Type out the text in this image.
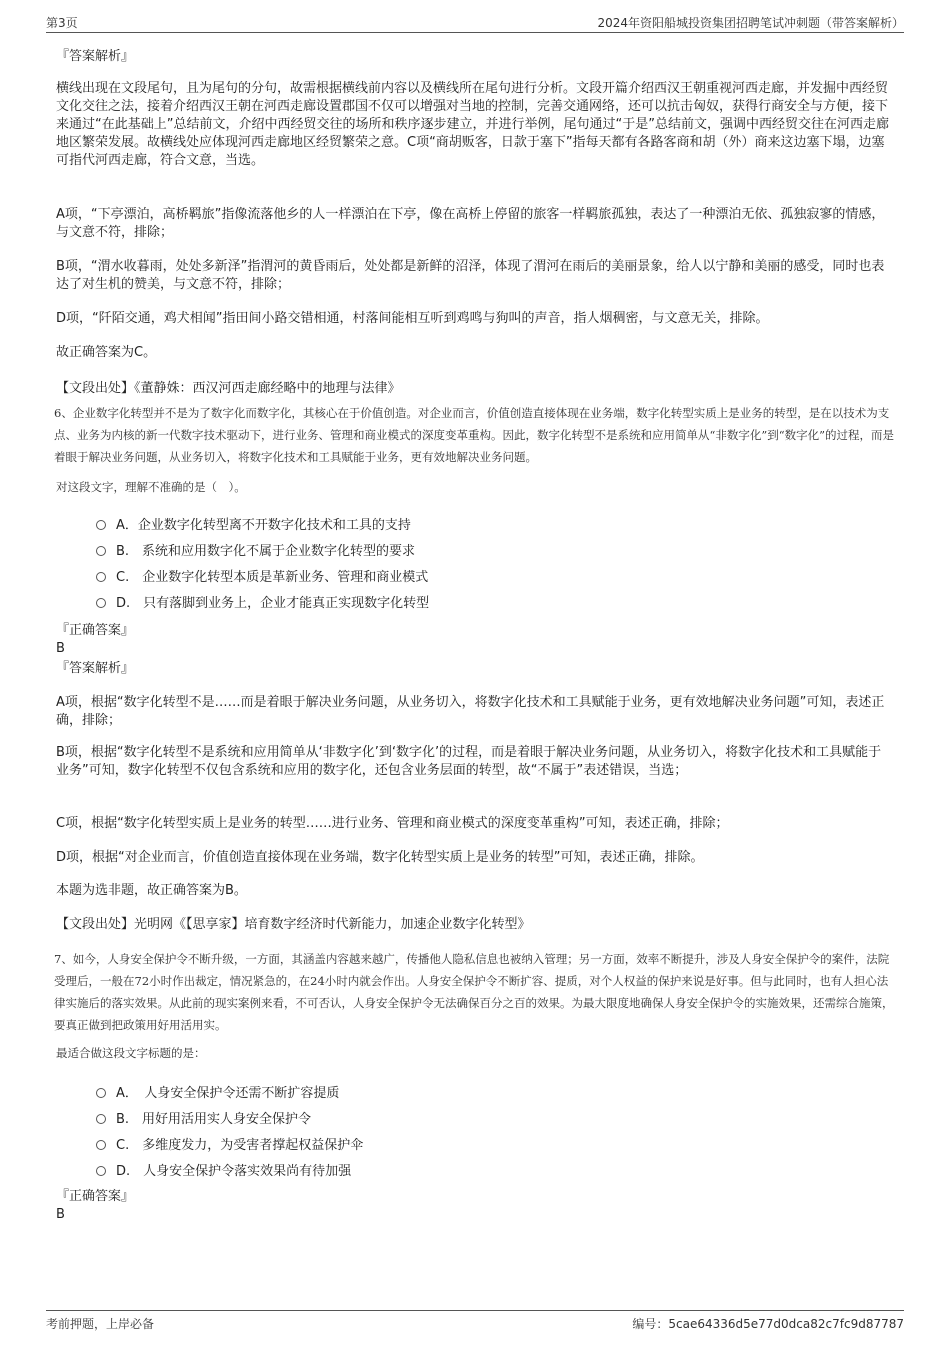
第3页	2024年资阳船城投资集团招聘笔试冲刺题（带答案解析）

『答案解析』

横线出现在文段尾句，且为尾句的分句，故需根据横线前内容以及横线所在尾句进行分析。文段开篇介绍西汉王朝重视河西走廊，并发掘中西经贸文化交往之法，接着介绍西汉王朝在河西走廊设置郡国不仅可以增强对当地的控制，完善交通网络，还可以抗击匈奴，获得行商安全与方便，接下来通过“在此基础上”总结前文，介绍中西经贸交往的场所和秩序逐步建立，并进行举例，尾句通过“于是”总结前文，强调中西经贸交往在河西走廊地区繁荣发展。故横线处应体现河西走廊地区经贸繁荣之意。C项“商胡贩客，日款于塞下”指每天都有各路客商和胡（外）商来这边塞下塌，边塞可指代河西走廊，符合文意，当选。

A项，“下亭漂泊，高桥羁旅”指像流落他乡的人一样漂泊在下亭，像在高桥上停留的旅客一样羁旅孤独，表达了一种漂泊无依、孤独寂寥的情感，与文意不符，排除；

B项，“渭水收暮雨，处处多新泽”指渭河的黄昏雨后，处处都是新鲜的沼泽，体现了渭河在雨后的美丽景象，给人以宁静和美丽的感受，同时也表达了对生机的赞美，与文意不符，排除；

D项，“阡陌交通，鸡犬相闻”指田间小路交错相通，村落间能相互听到鸡鸣与狗叫的声音，指人烟稠密，与文意无关，排除。

故正确答案为C。

【文段出处】《董静姝：西汉河西走廊经略中的地理与法律》

6、企业数字化转型并不是为了数字化而数字化，其核心在于价值创造。对企业而言，价值创造直接体现在业务端，数字化转型实质上是业务的转型，是在以技术为支点、业务为内核的新一代数字技术驱动下，进行业务、管理和商业模式的深度变革重构。因此，数字化转型不是系统和应用简单从“非数字化”到“数字化”的过程，而是着眼于解决业务问题，从业务切入，将数字化技术和工具赋能于业务，更有效地解决业务问题。

对这段文字，理解不准确的是（　）。

A．企业数字化转型离不开数字化技术和工具的支持
B.　系统和应用数字化不属于企业数字化转型的要求
C.　企业数字化转型本质是革新业务、管理和商业模式
D.　只有落脚到业务上，企业才能真正实现数字化转型

『正确答案』

B

『答案解析』

A项，根据“数字化转型不是……而是着眼于解决业务问题，从业务切入，将数字化技术和工具赋能于业务，更有效地解决业务问题”可知，表述正确，排除；

B项，根据“数字化转型不是系统和应用简单从‘非数字化’到‘数字化’的过程，而是着眼于解决业务问题，从业务切入，将数字化技术和工具赋能于业务”可知，数字化转型不仅包含系统和应用的数字化，还包含业务层面的转型，故“不属于”表述错误，当选；

C项，根据“数字化转型实质上是业务的转型……进行业务、管理和商业模式的深度变革重构”可知，表述正确，排除；

D项，根据“对企业而言，价值创造直接体现在业务端，数字化转型实质上是业务的转型”可知，表述正确，排除。

本题为选非题，故正确答案为B。

【文段出处】光明网《【思享家】培育数字经济时代新能力，加速企业数字化转型》

7、如今，人身安全保护令不断升级，一方面，其涵盖内容越来越广，传播他人隐私信息也被纳入管理；另一方面，效率不断提升，涉及人身安全保护令的案件，法院受理后，一般在72小时作出裁定，情况紧急的，在24小时内就会作出。人身安全保护令不断扩容、提质，对个人权益的保护来说是好事。但与此同时，也有人担心法律实施后的落实效果。从此前的现实案例来看，不可否认，人身安全保护令无法确保百分之百的效果。为最大限度地确保人身安全保护令的实施效果，还需综合施策，要真正做到把政策用好用活用实。

最适合做这段文字标题的是：

A．　人身安全保护令还需不断扩容提质
B.　用好用活用实人身安全保护令
C.　多维度发力，为受害者撑起权益保护伞
D.　人身安全保护令落实效果尚有待加强

『正确答案』

B

考前押题，上岸必备	编号：5cae64336d5e77d0dca82c7fc9d87787
